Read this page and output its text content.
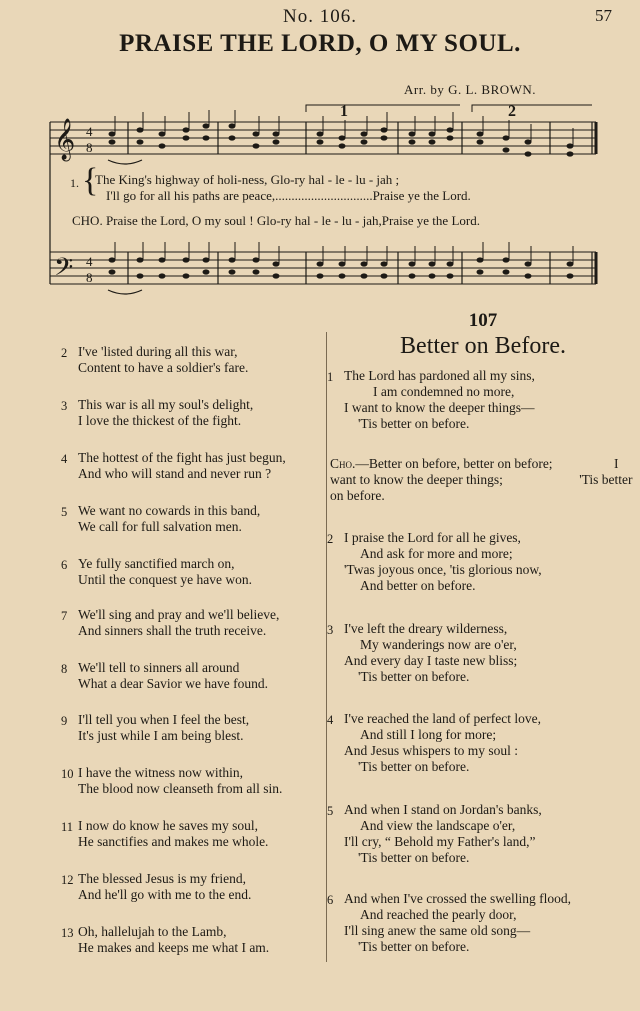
57
No. 106.
PRAISE THE LORD, O MY SOUL.
Arr. by G. L. BROWN.
𝄞
𝄢
4
8
4
8
1	2
1. {
The King's highway of holi-ness, Glo-ry hal - le - lu - jah ;
I'll go for all his paths are peace,..............................Praise ye the Lord.
CHO. Praise the Lord, O my soul ! Glo-ry hal - le - lu - jah,Praise ye the Lord.
2 I've 'listed during all this war,
Content to have a soldier's fare.
3 This war is all my soul's delight,
I love the thickest of the fight.
4 The hottest of the fight has just begun,
And who will stand and never run ?
5 We want no cowards in this band,
We call for full salvation men.
6 Ye fully sanctified march on,
Until the conquest ye have won.
7 We'll sing and pray and we'll believe,
And sinners shall the truth receive.
8 We'll tell to sinners all around
What a dear Savior we have found.
9 I'll tell you when I feel the best,
It's just while I am being blest.
10 I have the witness now within,
The blood now cleanseth from all sin.
11 I now do know he saves my soul,
He sanctifies and makes me whole.
12 The blessed Jesus is my friend,
And he'll go with me to the end.
13 Oh, hallelujah to the Lamb,
He makes and keeps me what I am.
107
Better on Before.
1 The Lord has pardoned all my sins,
I am condemned no more,
I want to know the deeper things—
'Tis better on before.
Cho.—Better on before, better on before;	I want to know the deeper things;	'Tis better on before.
2 I praise the Lord for all he gives,
And ask for more and more;
'Twas joyous once, 'tis glorious now,
And better on before.
3 I've left the dreary wilderness,
My wanderings now are o'er,
And every day I taste new bliss;
'Tis better on before.
4 I've reached the land of perfect love,
And still I long for more;
And Jesus whispers to my soul :
'Tis better on before.
5 And when I stand on Jordan's banks,
And view the landscape o'er,
I'll cry, “ Behold my Father's land,”
'Tis better on before.
6 And when I've crossed the swelling flood,
And reached the pearly door,
I'll sing anew the same old song—
'Tis better on before.
